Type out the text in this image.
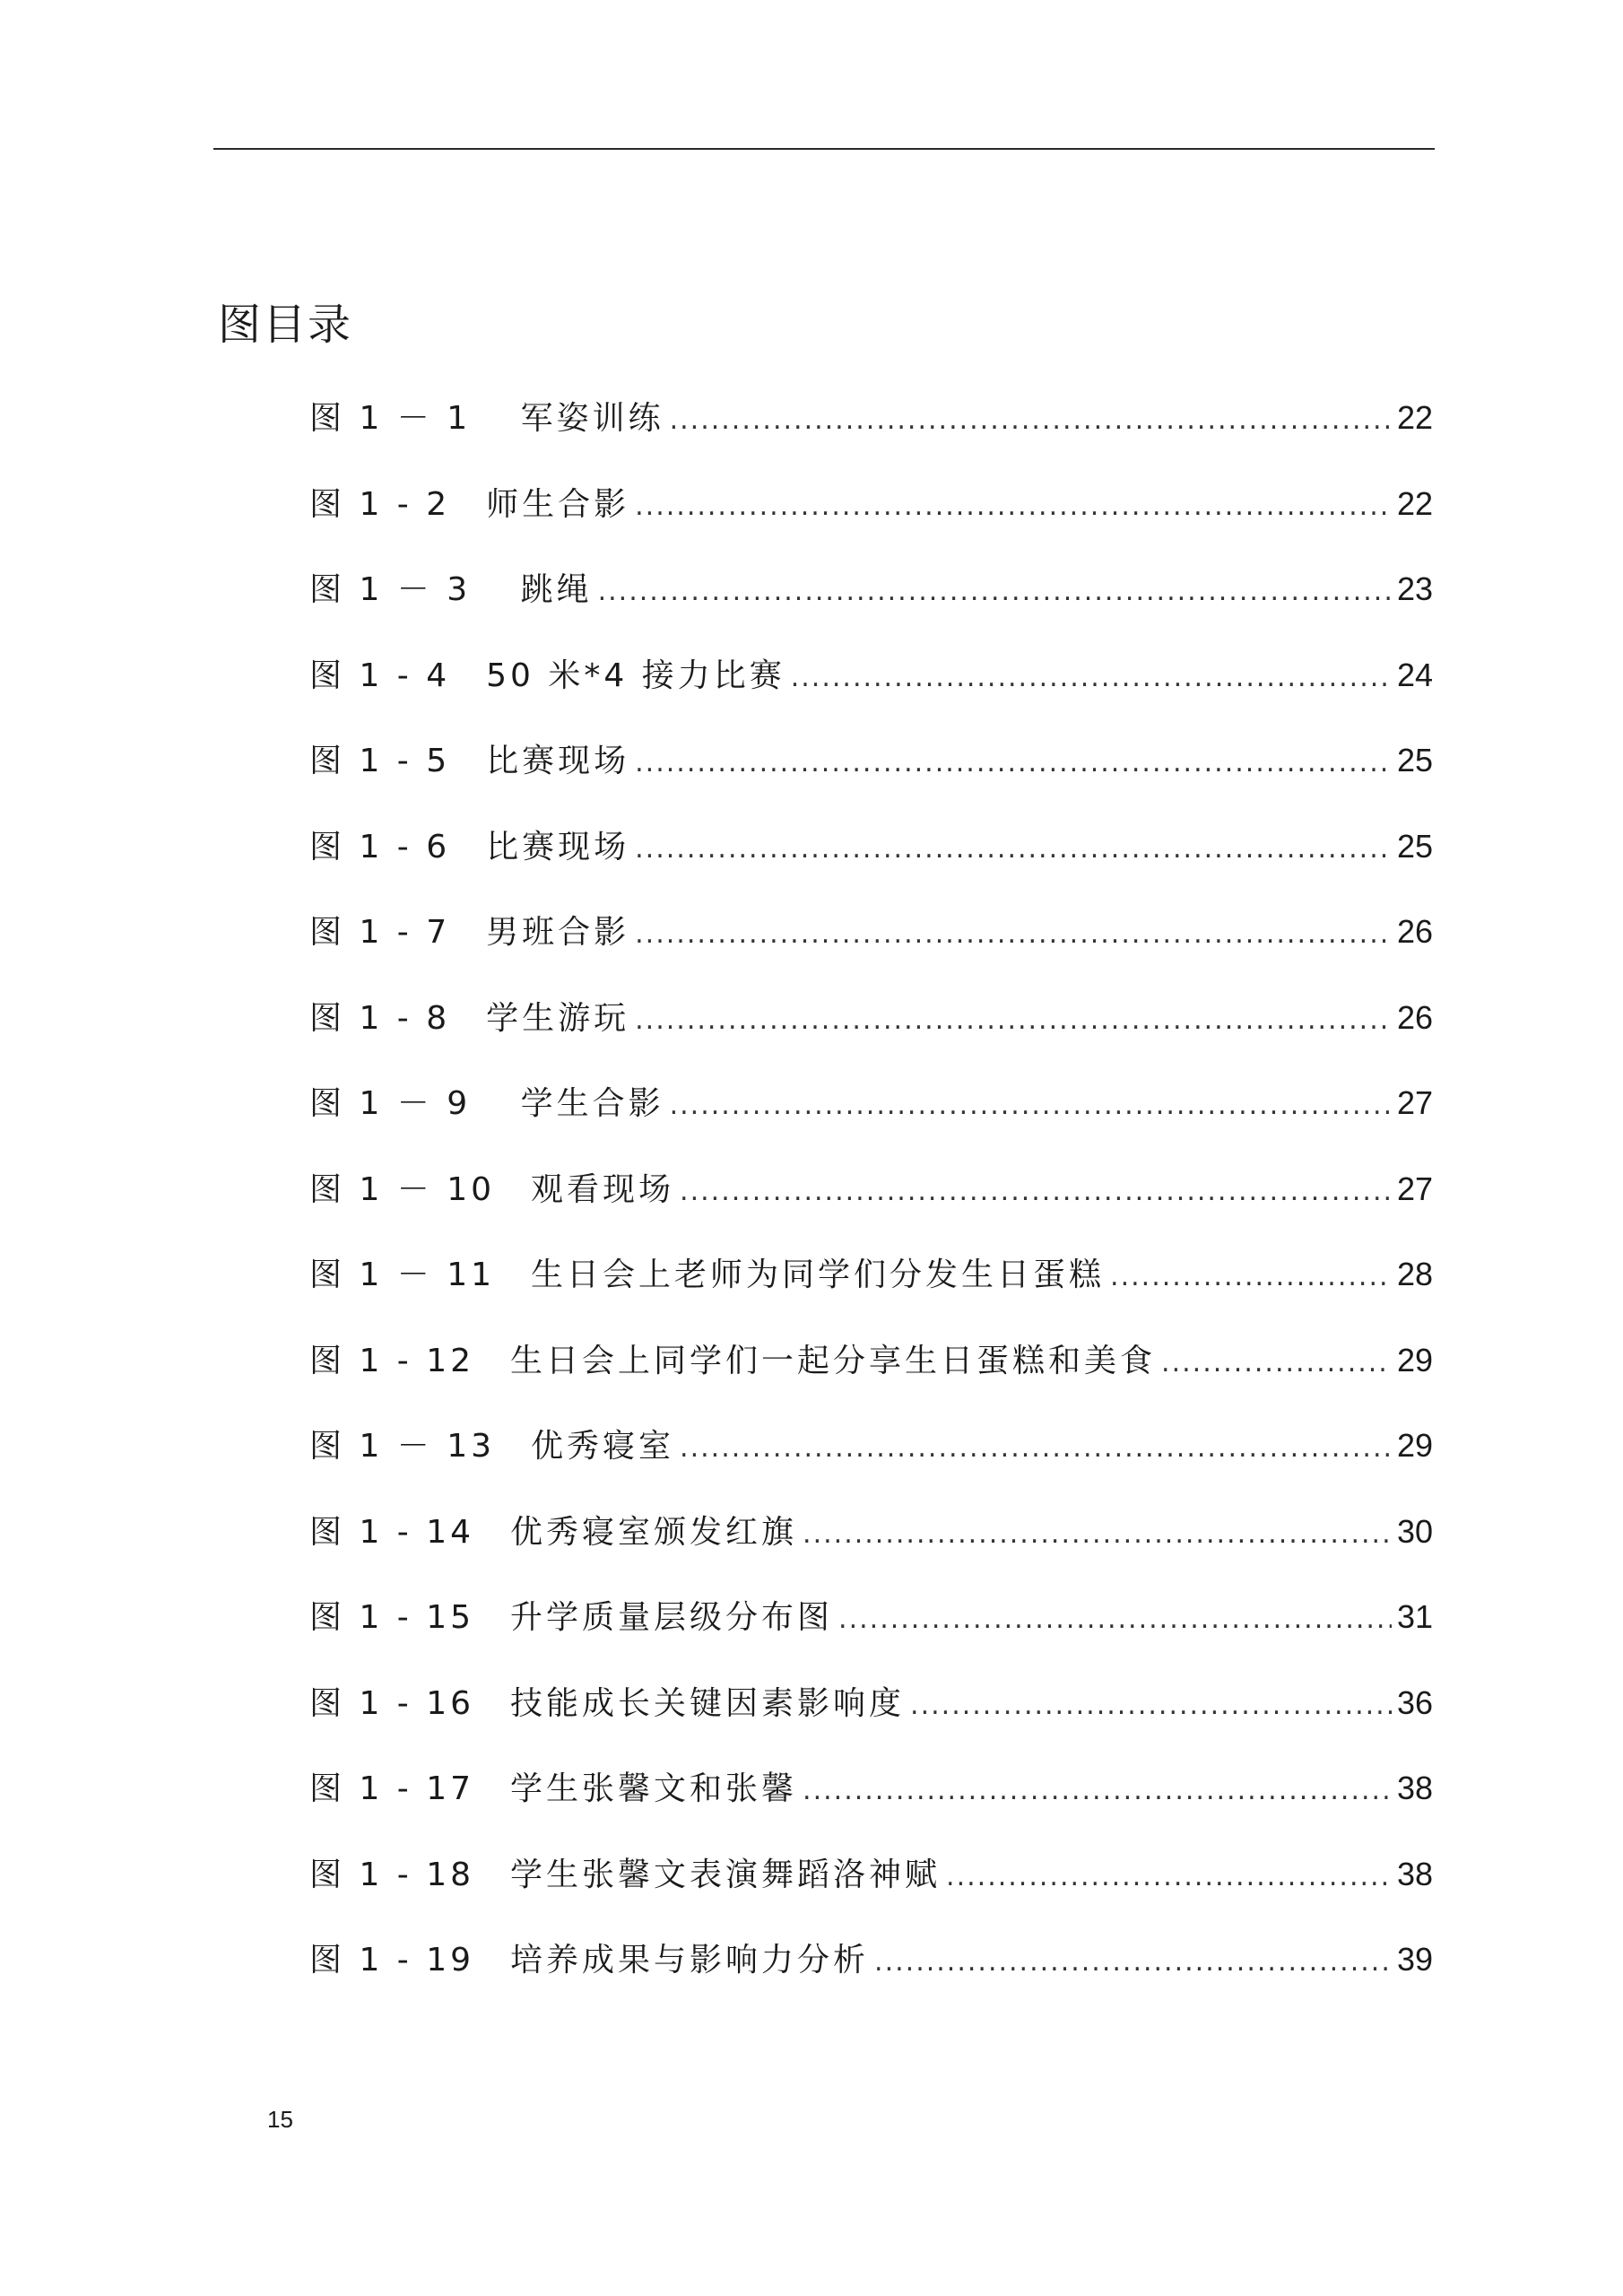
图目录
图 1 － 1　 军姿训练 .....	22
图 1 - 2　师生合影 .....	22
图 1 － 3　 跳绳 .....	23
图 1 - 4　50 米*4 接力比赛 .....	24
图 1 - 5　比赛现场 .....	25
图 1 - 6　比赛现场 .....	25
图 1 - 7　男班合影 .....	26
图 1 - 8　学生游玩 .....	26
图 1 － 9　 学生合影 .....	27
图 1 － 10　观看现场 .....	27
图 1 － 11　生日会上老师为同学们分发生日蛋糕 .....	28
图 1 - 12　生日会上同学们一起分享生日蛋糕和美食 .....	29
图 1 － 13　优秀寝室 .....	29
图 1 - 14　优秀寝室颁发红旗 .....	30
图 1 - 15　升学质量层级分布图 .....	31
图 1 - 16　技能成长关键因素影响度 .....	36
图 1 - 17　学生张馨文和张馨 .....	38
图 1 - 18　学生张馨文表演舞蹈洛神赋 .....	38
图 1 - 19　培养成果与影响力分析 .....	39
15
